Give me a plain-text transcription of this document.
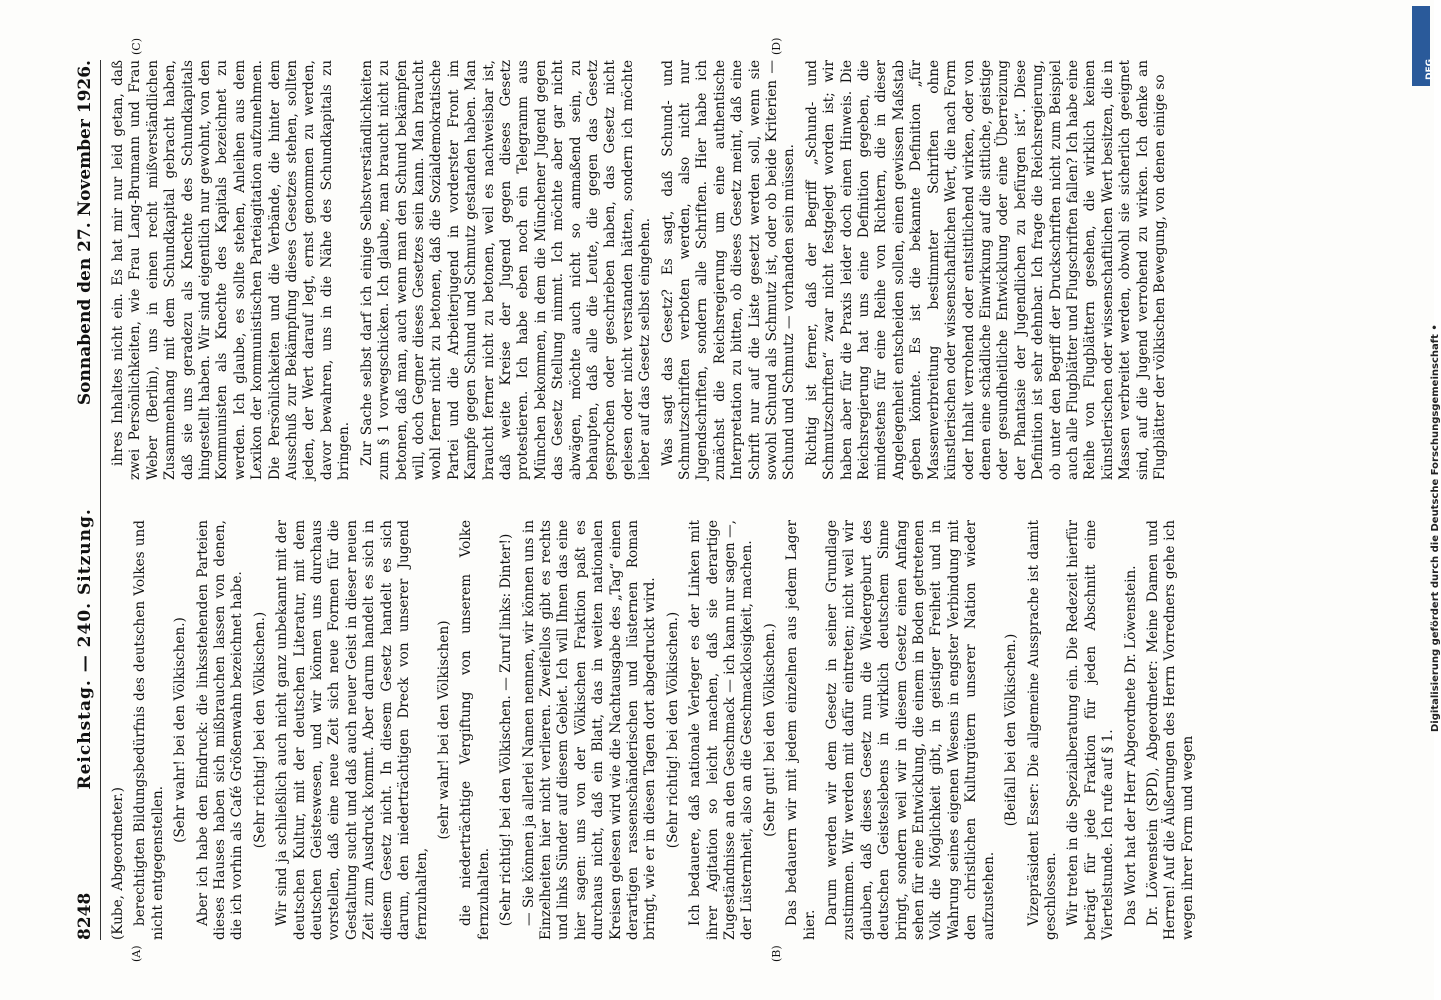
8248
Reichstag. — 240. Sitzung.
Sonnabend den 27. November 1926.

(Kube, Abgeordneter.) berechtigten Bildungsbedürfnis des deutschen Volkes und nicht entgegenstellen.

(Sehr wahr! bei den Völkischen.) Aber ich habe den Eindruck: die linksstehenden Parteien dieses Hauses haben sich mißbrauchen lassen von denen, die ich vorhin als Café Größenwahn bezeichnet habe. (Sehr richtig! bei den Völkischen.) Wir sind ja schließlich auch nicht ganz unbekannt mit der deutschen Kultur, mit der deutschen Literatur, mit dem deutschen Geisteswesen, und wir können uns durchaus vorstellen, daß eine neue Zeit sich neue Formen für die Gestaltung sucht und daß auch neuer Geist in dieser neuen Zeit zum Ausdruck kommt. Aber darum handelt es sich in diesem Gesetz nicht. In diesem Gesetz handelt es sich darum, den niederträchtigen Dreck von unserer Jugend fernzuhalten,

(sehr wahr! bei den Völkischen) die niederträchtige Vergiftung von unserem Volke fernzuhalten. (Sehr richtig! bei den Völkischen. — Zuruf links: Dinter!) — Sie können ja allerlei Namen nennen, wir können uns in Einzelheiten hier nicht verlieren. Zweifellos gibt es rechts und links Sünder auf diesem Gebiet. Ich will Ihnen das eine hier sagen: uns von der Völkischen Fraktion paßt es durchaus nicht, daß ein Blatt, das in weiten nationalen Kreisen gelesen wird wie die Nachtausgabe des „Tag“ einen derartigen rassenschänderischen und lüsternen Roman bringt, wie er in diesen Tagen dort abgedruckt wird. (Sehr richtig! bei den Völkischen.) Ich bedauere, daß nationale Verleger es der Linken mit ihrer Agitation so leicht machen, daß sie derartige Zugeständnisse an den Geschmack — ich kann nur sagen —, der Lüsternheit, also an die Geschmacklosigkeit, machen. (Sehr gut! bei den Völkischen.) Das bedauern wir mit jedem einzelnen aus jedem Lager hier. Darum werden wir dem Gesetz in seiner Grundlage zustimmen. Wir werden mit dafür eintreten; nicht weil wir glauben, daß dieses Gesetz nun die Wiedergeburt des deutschen Geisteslebens in wirklich deutschem Sinne bringt, sondern weil wir in diesem Gesetz einen Anfang sehen für eine Entwicklung, die einem in Boden getretenen Volk die Möglichkeit gibt, in geistiger Freiheit und in Wahrung seines eigenen Wesens in engster Verbindung mit den christlichen Kulturgütern unserer Nation wieder aufzustehen.

(Beifall bei den Völkischen.) Vizepräsident Esser: Die allgemeine Aussprache ist damit geschlossen. Wir treten in die Spezialberatung ein. Die Redezeit hierfür beträgt für jede Fraktion für jeden Abschnitt eine Viertelstunde. Ich rufe auf § 1. Das Wort hat der Herr Abgeordnete Dr. Löwenstein. Dr. Löwenstein (SPD), Abgeordneter: Meine Damen und Herren! Auf die Äußerungen des Herrn Vorredners gehe ich wegen ihrer Form und wegen

ihres Inhaltes nicht ein. Es hat mir nur leid getan, daß zwei Persönlichkeiten, wie Frau Lang-Brumann und Frau Weber (Berlin), uns in einen recht mißverständlichen Zusammenhang mit dem Schundkapital gebracht haben, daß sie uns geradezu als Knechte des Schundkapitals hingestellt haben. Wir sind eigentlich nur gewohnt, von den Kommunisten als Knechte des Kapitals bezeichnet zu werden. Ich glaube, es sollte stehen, Anleihen aus dem Lexikon der kommunistischen Parteiagitation aufzunehmen. Die Persönlichkeiten und die Verbände, die hinter dem Ausschuß zur Bekämpfung dieses Gesetzes stehen, sollten jeden, der Wert darauf legt, ernst genommen zu werden, davor bewahren, uns in die Nähe des Schundkapitals zu bringen. Zur Sache selbst darf ich einige Selbstverständlichkeiten zum § 1 vorwegschicken. Ich glaube, man braucht nicht zu betonen, daß man, auch wenn man den Schund bekämpfen will, doch Gegner dieses Gesetzes sein kann. Man braucht wohl ferner nicht zu betonen, daß die Sozialdemokratische Partei und die Arbeiterjugend in vorderster Front im Kampfe gegen Schund und Schmutz gestanden haben. Man braucht ferner nicht zu betonen, weil es nachweisbar ist, daß weite Kreise der Jugend gegen dieses Gesetz protestieren. Ich habe eben noch ein Telegramm aus München bekommen, in dem die Münchener Jugend gegen das Gesetz Stellung nimmt. Ich möchte aber gar nicht abwägen, möchte auch nicht so anmaßend sein, zu behaupten, daß alle die Leute, die gegen das Gesetz gesprochen oder geschrieben haben, das Gesetz nicht gelesen oder nicht verstanden hätten, sondern ich möchte lieber auf das Gesetz selbst eingehen. Was sagt das Gesetz? Es sagt, daß Schund- und Schmutzschriften verboten werden, also nicht nur Jugendschriften, sondern alle Schriften. Hier habe ich zunächst die Reichsregierung um eine authentische Interpretation zu bitten, ob dieses Gesetz meint, daß eine Schrift nur auf die Liste gesetzt werden soll, wenn sie sowohl Schund als Schmutz ist, oder ob beide Kriterien — Schund und Schmutz — vorhanden sein müssen. Richtig ist ferner, daß der Begriff „Schund- und Schmutzschriften“ zwar nicht festgelegt worden ist; wir haben aber für die Praxis leider doch einen Hinweis. Die Reichsregierung hat uns eine Definition gegeben, die mindestens für eine Reihe von Richtern, die in dieser Angelegenheit entscheiden sollen, einen gewissen Maßstab geben könnte. Es ist die bekannte Definition „für Massenverbreitung bestimmter Schriften ohne künstlerischen oder wissenschaftlichen Wert, die nach Form oder Inhalt verrohend oder entsittlichend wirken, oder von denen eine schädliche Einwirkung auf die sittliche, geistige oder gesundheitliche Entwicklung oder eine Überreizung der Phantasie der Jugendlichen zu befürgen ist“. Diese Definition ist sehr dehnbar. Ich frage die Reichsregierung, ob unter den Begriff der Druckschriften nicht zum Beispiel auch alle Flugblätter und Flugschriften fallen? Ich habe eine Reihe von Flugblättern gesehen, die wirklich keinen künstlerischen oder wissenschaftlichen Wert besitzen, die in Massen verbreitet werden, obwohl sie sicherlich geeignet sind, auf die Jugend verrohend zu wirken. Ich denke an Flugblätter der völkischen Bewegung, von denen einige so

(A)	(B)
(C)	(D)
DFG
Digitalisierung gefördert durch die Deutsche Forschungsgemeinschaft •
